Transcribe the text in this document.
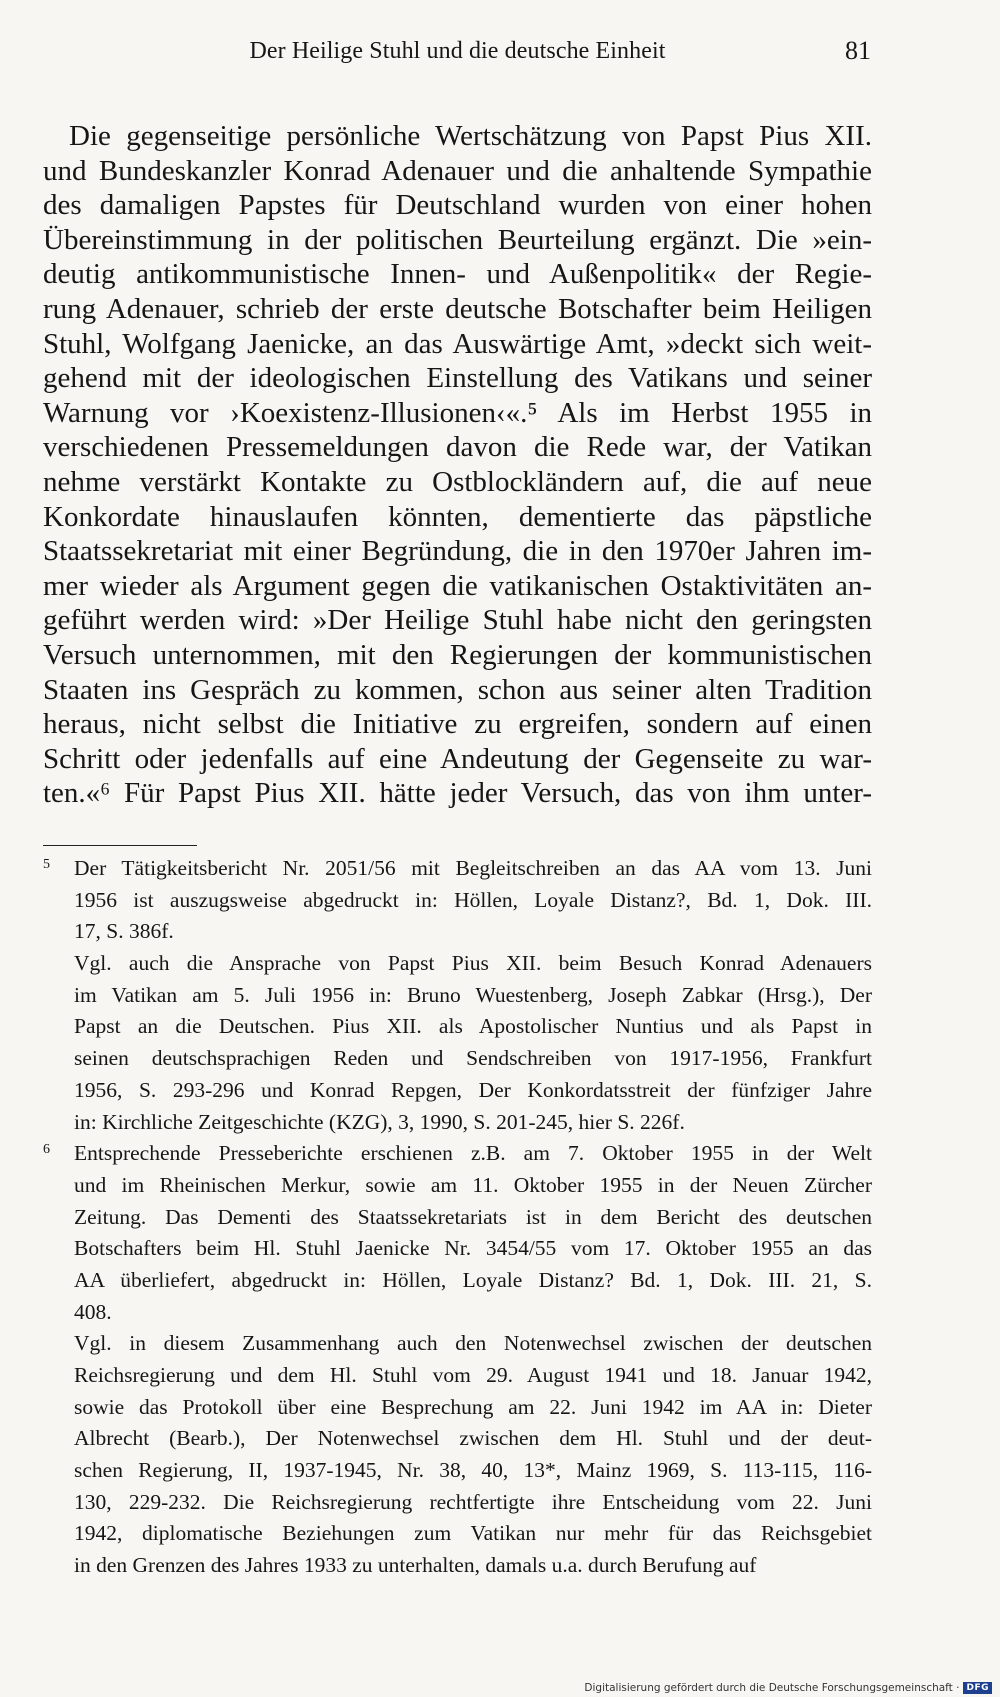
Der Heilige Stuhl und die deutsche Einheit	81
Die gegenseitige persönliche Wertschätzung von Papst Pius XII.
und Bundeskanzler Konrad Adenauer und die anhaltende Sympathie
des damaligen Papstes für Deutschland wurden von einer hohen
Übereinstimmung in der politischen Beurteilung ergänzt. Die »ein-
deutig antikommunistische Innen- und Außenpolitik« der Regie-
rung Adenauer, schrieb der erste deutsche Botschafter beim Heiligen
Stuhl, Wolfgang Jaenicke, an das Auswärtige Amt, »deckt sich weit-
gehend mit der ideologischen Einstellung des Vatikans und seiner
Warnung vor ›Koexistenz-Illusionen‹«.⁵ Als im Herbst 1955 in
verschiedenen Pressemeldungen davon die Rede war, der Vatikan
nehme verstärkt Kontakte zu Ostblockländern auf, die auf neue
Konkordate hinauslaufen könnten, dementierte das päpstliche
Staatssekretariat mit einer Begründung, die in den 1970er Jahren im-
mer wieder als Argument gegen die vatikanischen Ostaktivitäten an-
geführt werden wird: »Der Heilige Stuhl habe nicht den geringsten
Versuch unternommen, mit den Regierungen der kommunistischen
Staaten ins Gespräch zu kommen, schon aus seiner alten Tradition
heraus, nicht selbst die Initiative zu ergreifen, sondern auf einen
Schritt oder jedenfalls auf eine Andeutung der Gegenseite zu war-
ten.«⁶ Für Papst Pius XII. hätte jeder Versuch, das von ihm unter-
5 Der Tätigkeitsbericht Nr. 2051/56 mit Begleitschreiben an das AA vom 13. Juni
1956 ist auszugsweise abgedruckt in: Höllen, Loyale Distanz?, Bd. 1, Dok. III.
17, S. 386f.
Vgl. auch die Ansprache von Papst Pius XII. beim Besuch Konrad Adenauers
im Vatikan am 5. Juli 1956 in: Bruno Wuestenberg, Joseph Zabkar (Hrsg.), Der
Papst an die Deutschen. Pius XII. als Apostolischer Nuntius und als Papst in
seinen deutschsprachigen Reden und Sendschreiben von 1917-1956, Frankfurt
1956, S. 293-296 und Konrad Repgen, Der Konkordatsstreit der fünfziger Jahre
in: Kirchliche Zeitgeschichte (KZG), 3, 1990, S. 201-245, hier S. 226f.
6 Entsprechende Presseberichte erschienen z.B. am 7. Oktober 1955 in der Welt
und im Rheinischen Merkur, sowie am 11. Oktober 1955 in der Neuen Zürcher
Zeitung. Das Dementi des Staatssekretariats ist in dem Bericht des deutschen
Botschafters beim Hl. Stuhl Jaenicke Nr. 3454/55 vom 17. Oktober 1955 an das
AA überliefert, abgedruckt in: Höllen, Loyale Distanz? Bd. 1, Dok. III. 21, S.
408.
Vgl. in diesem Zusammenhang auch den Notenwechsel zwischen der deutschen
Reichsregierung und dem Hl. Stuhl vom 29. August 1941 und 18. Januar 1942,
sowie das Protokoll über eine Besprechung am 22. Juni 1942 im AA in: Dieter
Albrecht (Bearb.), Der Notenwechsel zwischen dem Hl. Stuhl und der deut-
schen Regierung, II, 1937-1945, Nr. 38, 40, 13*, Mainz 1969, S. 113-115, 116-
130, 229-232. Die Reichsregierung rechtfertigte ihre Entscheidung vom 22. Juni
1942, diplomatische Beziehungen zum Vatikan nur mehr für das Reichsgebiet
in den Grenzen des Jahres 1933 zu unterhalten, damals u.a. durch Berufung auf
Digitalisierung gefördert durch die Deutsche Forschungsgemeinschaft · DFG
